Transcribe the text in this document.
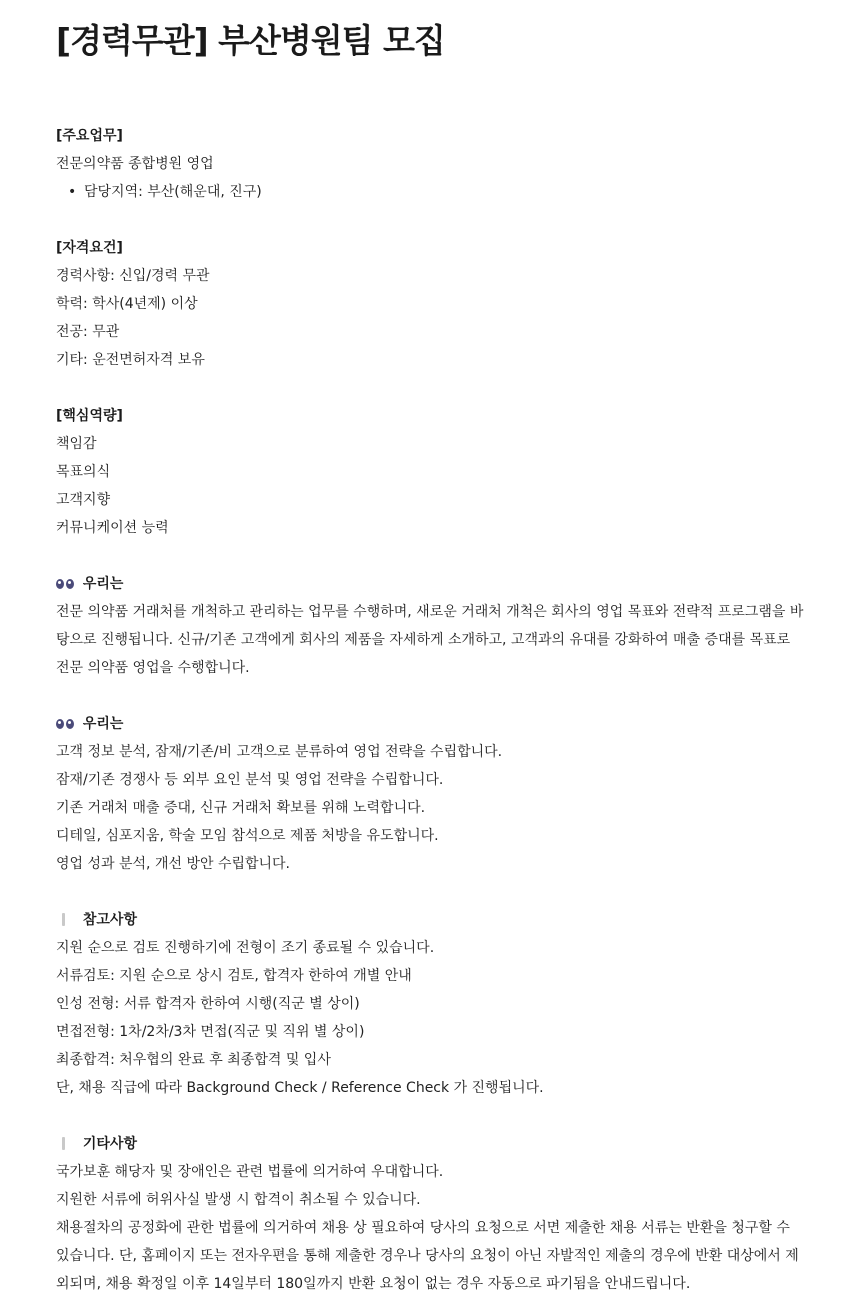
[경력무관] 부산병원팀 모집
[주요업무]
전문의약품 종합병원 영업
• 담당지역: 부산(해운대, 진구)
[자격요건]
경력사항: 신입/경력 무관
학력: 학사(4년제) 이상
전공: 무관
기타: 운전면허자격 보유
[핵심역량]
책임감
목표의식
고객지향
커뮤니케이션 능력
우리는
전문 의약품 거래처를 개척하고 관리하는 업무를 수행하며, 새로운 거래처 개척은 회사의 영업 목표와 전략적 프로그램을 바탕으로 진행됩니다. 신규/기존 고객에게 회사의 제품을 자세하게 소개하고, 고객과의 유대를 강화하여 매출 증대를 목표로 전문 의약품 영업을 수행합니다.
우리는
고객 정보 분석, 잠재/기존/비 고객으로 분류하여 영업 전략을 수립합니다.
잠재/기존 경쟁사 등 외부 요인 분석 및 영업 전략을 수립합니다.
기존 거래처 매출 증대, 신규 거래처 확보를 위해 노력합니다.
디테일, 심포지움, 학술 모임 참석으로 제품 처방을 유도합니다.
영업 성과 분석, 개선 방안 수립합니다.
참고사항
지원 순으로 검토 진행하기에 전형이 조기 종료될 수 있습니다.
서류검토: 지원 순으로 상시 검토, 합격자 한하여 개별 안내
인성 전형: 서류 합격자 한하여 시행(직군 별 상이)
면접전형: 1차/2차/3차 면접(직군 및 직위 별 상이)
최종합격: 처우협의 완료 후 최종합격 및 입사
단, 채용 직급에 따라 Background Check / Reference Check 가 진행됩니다.
기타사항
국가보훈 해당자 및 장애인은 관련 법률에 의거하여 우대합니다.
지원한 서류에 허위사실 발생 시 합격이 취소될 수 있습니다.
채용절차의 공정화에 관한 법률에 의거하여 채용 상 필요하여 당사의 요청으로 서면 제출한 채용 서류는 반환을 청구할 수 있습니다. 단, 홈페이지 또는 전자우편을 통해 제출한 경우나 당사의 요청이 아닌 자발적인 제출의 경우에 반환 대상에서 제외되며, 채용 확정일 이후 14일부터 180일까지 반환 요청이 없는 경우 자동으로 파기됨을 안내드립니다.
